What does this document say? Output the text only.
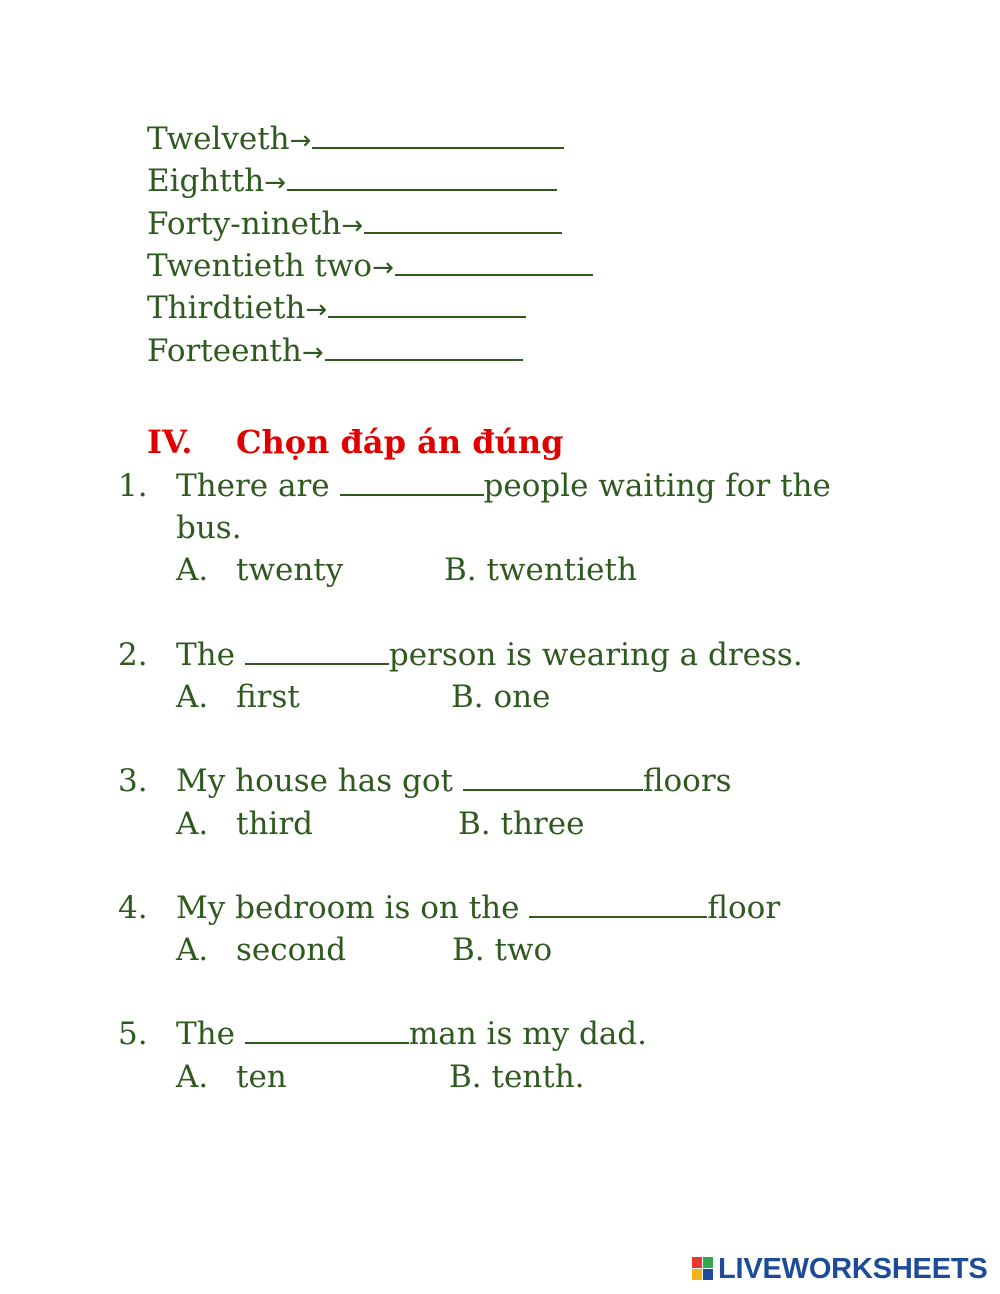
Twelveth→
Eightth→
Forty-nineth→
Twentieth two→
Thirdtieth→
Forteenth→
IV. Chọn đáp án đúng
1. There are	people waiting for the
bus.
A. twenty	B. twentieth
2. The	person is wearing a dress.
A. first	B. one
3. My house has got	floors
A. third	B. three
4. My bedroom is on the	floor
A. second	B. two
5. The	man is my dad.
A. ten	B. tenth.
LIVEWORKSHEETS
